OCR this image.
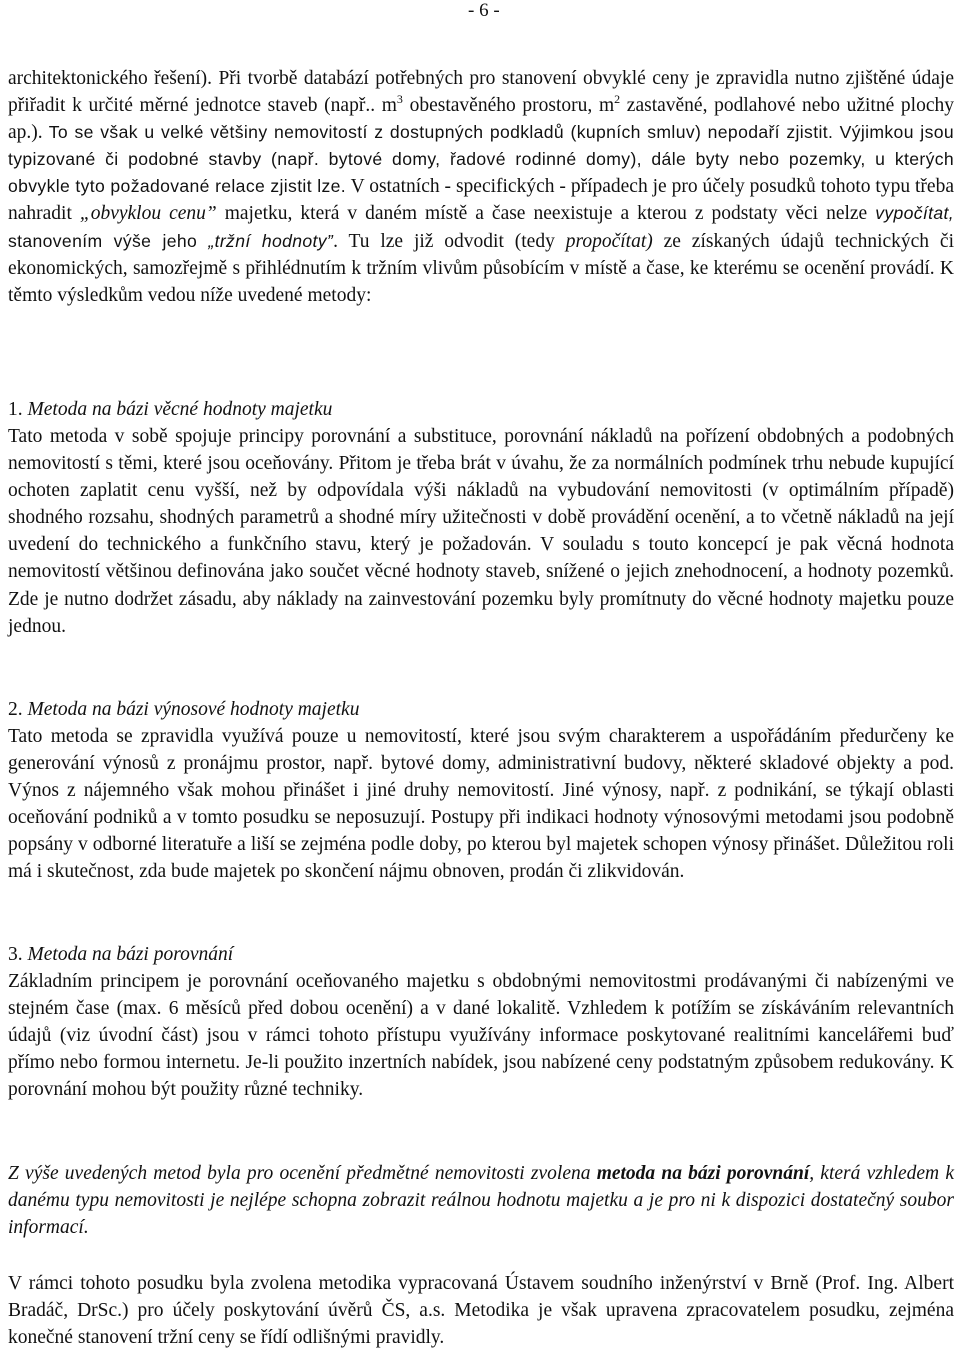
- 6 -

architektonického řešení). Při tvorbě databází potřebných pro stanovení obvyklé ceny je zpravidla nutno zjištěné údaje přiřadit k určité měrné jednotce staveb (např.. $m^3$ obestavěného prostoru, $m^2$ zastavěné, podlahové nebo užitné plochy ap.). To se však u velké většiny nemovitostí z dostupných podkladů (kupních smluv) nepodaří zjistit. Výjimkou jsou typizované či podobné stavby (např. bytové domy, řadové rodinné domy), dále byty nebo pozemky, u kterých obvykle tyto požadované relace zjistit lze. V ostatních - specifických - případech je pro účely posudků tohoto typu třeba nahradit „obvyklou cenu” majetku, která v daném místě a čase neexistuje a kterou z podstaty věci nelze vypočítat, stanovením výše jeho „tržní hodnoty”. Tu lze již odvodit (tedy propočítat) ze získaných údajů technických či ekonomických, samozřejmě s přihlédnutím k tržním vlivům působícím v místě a čase, ke kterému se ocenění provádí. K těmto výsledkům vedou níže uvedené metody:

1. Metoda na bázi věcné hodnoty majetku

Tato metoda v sobě spojuje principy porovnání a substituce, porovnání nákladů na pořízení obdobných a podobných nemovitostí s těmi, které jsou oceňovány. Přitom je třeba brát v úvahu, že za normálních podmínek trhu nebude kupující ochoten zaplatit cenu vyšší, než by odpovídala výši nákladů na vybudování nemovitosti (v optimálním případě) shodného rozsahu, shodných parametrů a shodné míry užitečnosti v době provádění ocenění, a to včetně nákladů na její uvedení do technického a funkčního stavu, který je požadován. V souladu s touto koncepcí je pak věcná hodnota nemovitostí většinou definována jako součet věcné hodnoty staveb, snížené o jejich znehodnocení, a hodnoty pozemků. Zde je nutno dodržet zásadu, aby náklady na zainvestování pozemku byly promítnuty do věcné hodnoty majetku pouze jednou.

2. Metoda na bázi výnosové hodnoty majetku

Tato metoda se zpravidla využívá pouze u nemovitostí, které jsou svým charakterem a uspořádáním předurčeny ke generování výnosů z pronájmu prostor, např. bytové domy, administrativní budovy, některé skladové objekty a pod. Výnos z nájemného však mohou přinášet i jiné druhy nemovitostí. Jiné výnosy, např. z podnikání, se týkají oblasti oceňování podniků a v tomto posudku se neposuzují. Postupy při indikaci hodnoty výnosovými metodami jsou podobně popsány v odborné literatuře a liší se zejména podle doby, po kterou byl majetek schopen výnosy přinášet. Důležitou roli má i skutečnost, zda bude majetek po skončení nájmu obnoven, prodán či zlikvidován.

3. Metoda na bázi porovnání

Základním principem je porovnání oceňovaného majetku s obdobnými nemovitostmi prodávanými či nabízenými ve stejném čase (max. 6 měsíců před dobou ocenění) a v dané lokalitě. Vzhledem k potížím se získáváním relevantních údajů (viz úvodní část) jsou v rámci tohoto přístupu využívány informace poskytované realitními kancelářemi buď přímo nebo formou internetu. Je-li použito inzertních nabídek, jsou nabízené ceny podstatným způsobem redukovány. K porovnání mohou být použity různé techniky.

Z výše uvedených metod byla pro ocenění předmětné nemovitosti zvolena metoda na bázi porovnání, která vzhledem k danému typu nemovitosti je nejlépe schopna zobrazit reálnou hodnotu majetku a je pro ni k dispozici dostatečný soubor informací.

V rámci tohoto posudku byla zvolena metodika vypracovaná Ústavem soudního inženýrství v Brně (Prof. Ing. Albert Bradáč, DrSc.) pro účely poskytování úvěrů ČS, a.s. Metodika je však upravena zpracovatelem posudku, zejména konečné stanovení tržní ceny se řídí odlišnými pravidly.
